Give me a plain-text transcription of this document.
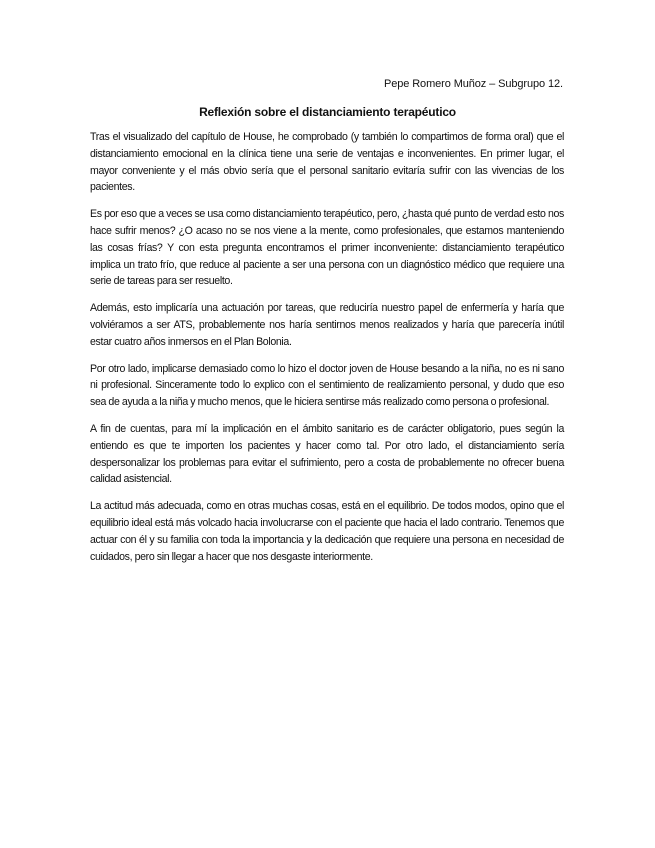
Pepe Romero Muñoz – Subgrupo 12.
Reflexión sobre el distanciamiento terapéutico

Tras el visualizado del capítulo de House, he comprobado (y también lo compartimos de forma oral) que el distanciamiento emocional en la clínica tiene una serie de ventajas e inconvenientes. En primer lugar, el mayor conveniente y el más obvio sería que el personal sanitario evitaría sufrir con las vivencias de los pacientes.

Es por eso que a veces se usa como distanciamiento terapéutico, pero, ¿hasta qué punto de verdad esto nos hace sufrir menos? ¿O acaso no se nos viene a la mente, como profesionales, que estamos manteniendo las cosas frías? Y con esta pregunta encontramos el primer inconveniente: distanciamiento terapéutico implica un trato frío, que reduce al paciente a ser una persona con un diagnóstico médico que requiere una serie de tareas para ser resuelto.

Además, esto implicaría una actuación por tareas, que reduciría nuestro papel de enfermería y haría que volviéramos a ser ATS, probablemente nos haría sentirnos menos realizados y haría que parecería inútil estar cuatro años inmersos en el Plan Bolonia.

Por otro lado, implicarse demasiado como lo hizo el doctor joven de House besando a la niña, no es ni sano ni profesional. Sinceramente todo lo explico con el sentimiento de realizamiento personal, y dudo que eso sea de ayuda a la niña y mucho menos, que le hiciera sentirse más realizado como persona o profesional.

A fin de cuentas, para mí la implicación en el ámbito sanitario es de carácter obligatorio, pues según la entiendo es que te importen los pacientes y hacer como tal. Por otro lado, el distanciamiento sería despersonalizar los problemas para evitar el sufrimiento, pero a costa de probablemente no ofrecer buena calidad asistencial.

La actitud más adecuada, como en otras muchas cosas, está en el equilibrio. De todos modos, opino que el equilibrio ideal está más volcado hacia involucrarse con el paciente que hacia el lado contrario. Tenemos que actuar con él y su familia con toda la importancia y la dedicación que requiere una persona en necesidad de cuidados, pero sin llegar a hacer que nos desgaste interiormente.
